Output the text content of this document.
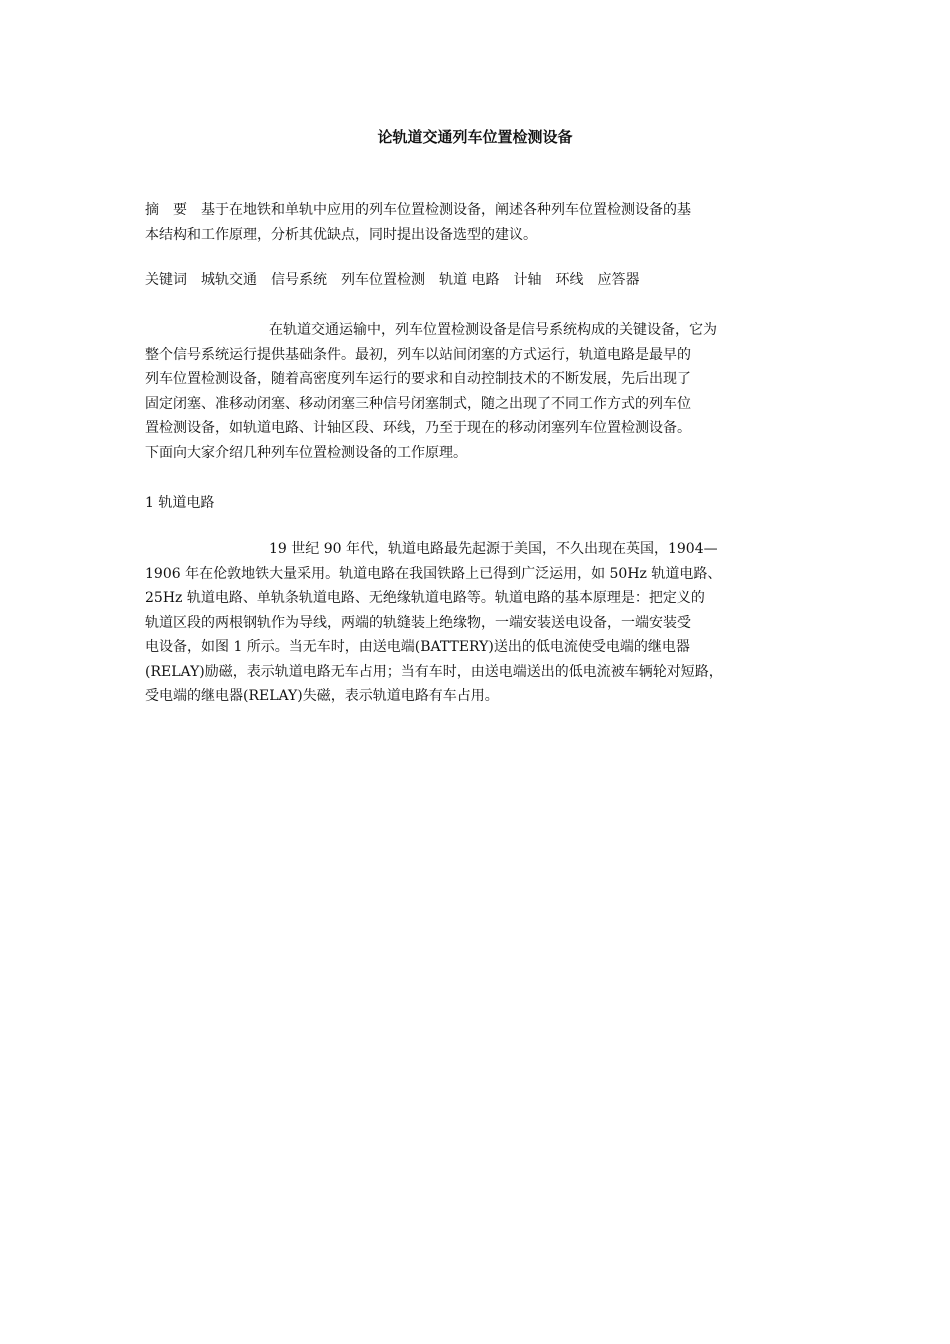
论轨道交通列车位置检测设备
摘　要　基于在地铁和单轨中应用的列车位置检测设备，阐述各种列车位置检测设备的基
本结构和工作原理，分析其优缺点，同时提出设备选型的建议。
关键词　城轨交通　信号系统　列车位置检测　轨道 电路　计轴　环线　应答器
在轨道交通运输中，列车位置检测设备是信号系统构成的关键设备，它为
整个信号系统运行提供基础条件。最初，列车以站间闭塞的方式运行，轨道电路是最早的
列车位置检测设备，随着高密度列车运行的要求和自动控制技术的不断发展，先后出现了
固定闭塞、准移动闭塞、移动闭塞三种信号闭塞制式，随之出现了不同工作方式的列车位
置检测设备，如轨道电路、计轴区段、环线，乃至于现在的移动闭塞列车位置检测设备。
下面向大家介绍几种列车位置检测设备的工作原理。
1 轨道电路
19 世纪 90 年代，轨道电路最先起源于美国，不久出现在英国，1904—
1906 年在伦敦地铁大量采用。轨道电路在我国铁路上已得到广泛运用，如 50Hz 轨道电路、
25Hz 轨道电路、单轨条轨道电路、无绝缘轨道电路等。轨道电路的基本原理是：把定义的
轨道区段的两根钢轨作为导线，两端的轨缝装上绝缘物，一端安装送电设备，一端安装受
电设备，如图 1 所示。当无车时，由送电端(BATTERY)送出的低电流使受电端的继电器
(RELAY)励磁，表示轨道电路无车占用；当有车时，由送电端送出的低电流被车辆轮对短路，
受电端的继电器(RELAY)失磁，表示轨道电路有车占用。
